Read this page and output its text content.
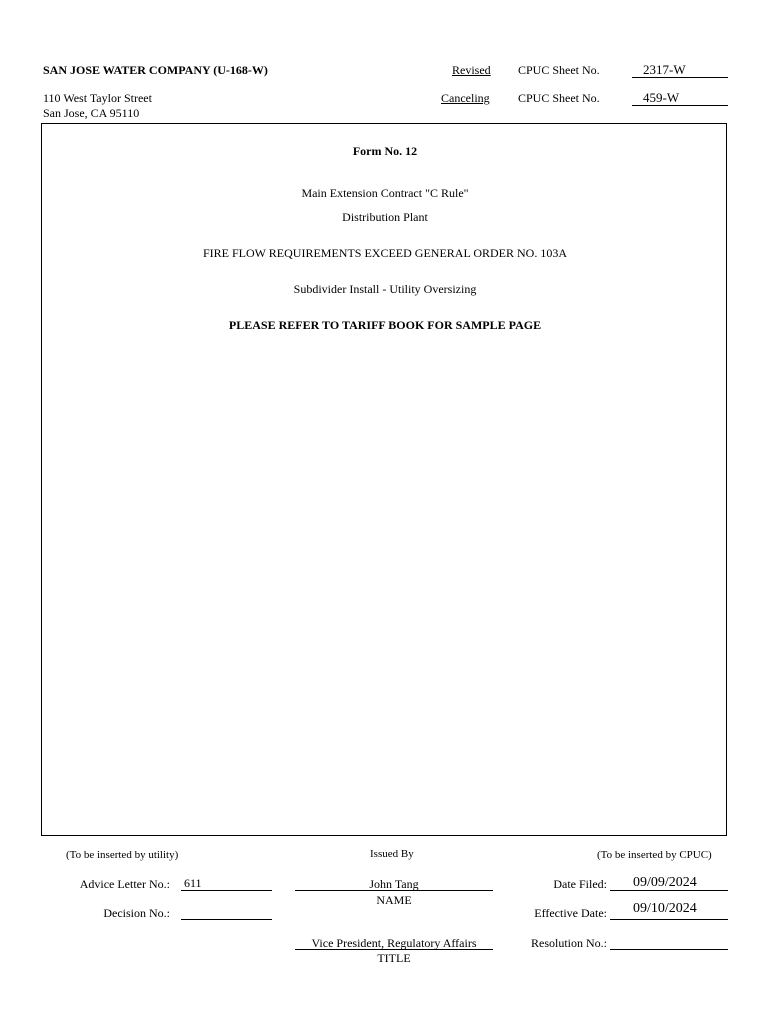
SAN JOSE WATER COMPANY (U-168-W)
110 West Taylor Street
San Jose, CA 95110
Revised CPUC Sheet No.	2317-W
Canceling CPUC Sheet No.	459-W
Form No. 12
Main Extension Contract "C Rule"
Distribution Plant
FIRE FLOW REQUIREMENTS EXCEED GENERAL ORDER NO. 103A
Subdivider Install - Utility Oversizing
PLEASE REFER TO TARIFF BOOK FOR SAMPLE PAGE
(To be inserted by utility)	Issued By	(To be inserted by CPUC)
Advice Letter No.: 611	John Tang
NAME
Date Filed: 09/09/2024
Decision No.:	Effective Date: 09/10/2024
Vice President, Regulatory Affairs
TITLE
Resolution No.:
